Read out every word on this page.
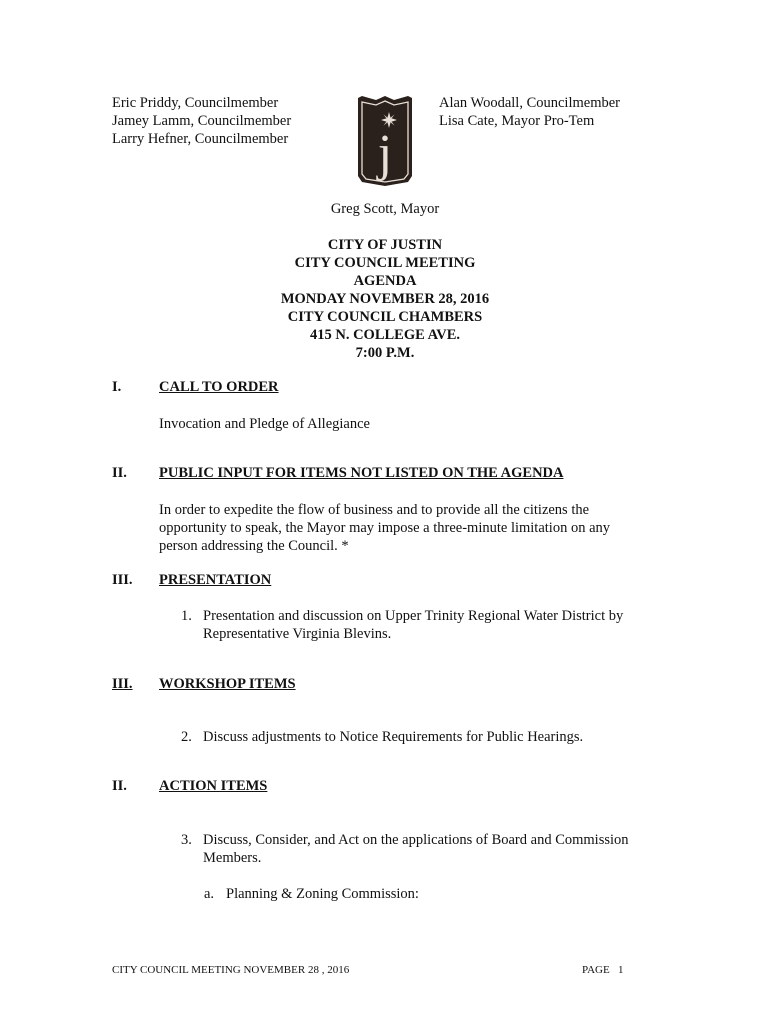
Eric Priddy, Councilmember
Jamey Lamm, Councilmember
Larry Hefner, Councilmember j
Alan Woodall, Councilmember
Lisa Cate, Mayor Pro-Tem
Greg Scott, Mayor
CITY OF JUSTIN
CITY COUNCIL MEETING
AGENDA
MONDAY NOVEMBER 28, 2016
CITY COUNCIL CHAMBERS
415 N. COLLEGE AVE.
7:00 P.M.
I.	CALL TO ORDER
Invocation and Pledge of Allegiance
II. PUBLIC INPUT FOR ITEMS NOT LISTED ON THE AGENDA
In order to expedite the flow of business and to provide all the citizens the opportunity to speak, the Mayor may impose a three-minute limitation on any person addressing the Council. *
III. PRESENTATION
1. Presentation and discussion on Upper Trinity Regional Water District by Representative Virginia Blevins.
III. WORKSHOP ITEMS
2. Discuss adjustments to Notice Requirements for Public Hearings.
II. ACTION ITEMS
3. Discuss, Consider, and Act on the applications of Board and Commission Members.
a. Planning & Zoning Commission:
CITY COUNCIL MEETING NOVEMBER 28 , 2016	PAGE 1
